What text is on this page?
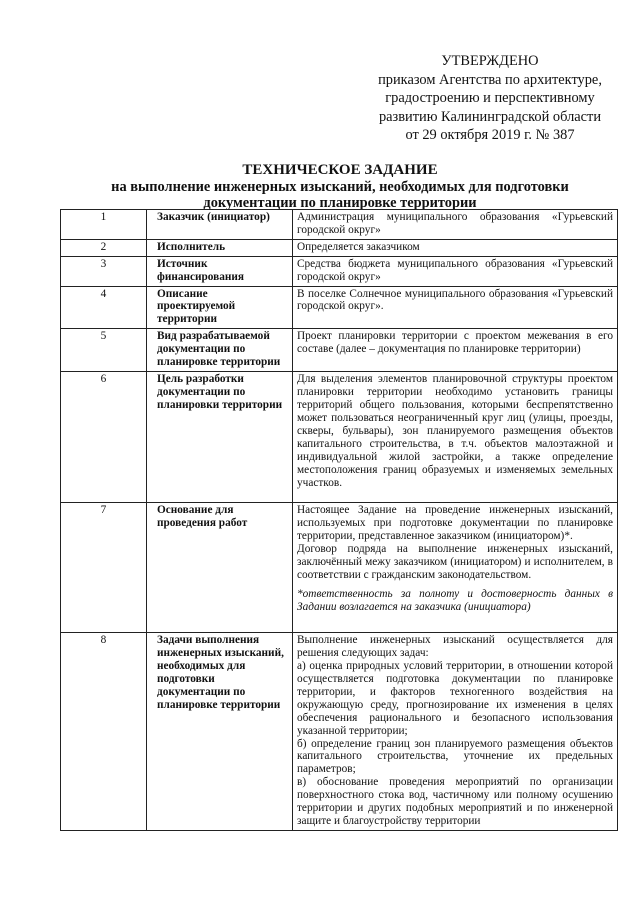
УТВЕРЖДЕНО
приказом Агентства по архитектуре,
градостроению и перспективному
развитию Калининградской области
от 29 октября 2019 г. № 387
ТЕХНИЧЕСКОЕ ЗАДАНИЕ
на выполнение инженерных изысканий, необходимых для подготовки
документации по планировке территории
1	Заказчик (инициатор)	Администрация муниципального образования «Гурьевский городской округ»

2	Исполнитель	Определяется заказчиком

3	Источник финансирования	Средства бюджета муниципального образования «Гурьевский городской округ»

4	Описание проектируемой территории	В поселке Солнечное муниципального образования «Гурьевский городской округ».

5	Вид разрабатываемой документации по планировке территории	Проект планировки территории с проектом межевания в его составе (далее – документация по планировке территории)

6	Цель разработки документации по планировки территории	Для выделения элементов планировочной структуры проектом планировки территории необходимо установить границы территорий общего пользования, которыми беспрепятственно может пользоваться неограниченный круг лиц (улицы, проезды, скверы, бульвары), зон планируемого размещения объектов капитального строительства, в т.ч. объектов малоэтажной и индивидуальной жилой застройки, а также определение местоположения границ образуемых и изменяемых земельных участков.

7	Основание для проведения работ	Настоящее Задание на проведение инженерных изысканий, используемых при подготовке документации по планировке территории, представленное заказчиком (инициатором)*.

Договор подряда на выполнение инженерных изысканий, заключённый межу заказчиком (инициатором) и исполнителем, в соответствии с гражданским законодательством.

*ответственность за полноту и достоверность данных в Задании возлагается на заказчика (инициатора)

8	Задачи выполнения инженерных изысканий, необходимых для подготовки документации по планировке территории	Выполнение инженерных изысканий осуществляется для решения следующих задач:

а) оценка природных условий территории, в отношении которой осуществляется подготовка документации по планировке территории, и факторов техногенного воздействия на окружающую среду, прогнозирование их изменения в целях обеспечения рационального и безопасного использования указанной территории;

б) определение границ зон планируемого размещения объектов капитального строительства, уточнение их предельных параметров;

в) обоснование проведения мероприятий по организации поверхностного стока вод, частичному или полному осушению территории и других подобных мероприятий и по инженерной защите и благоустройству территории
